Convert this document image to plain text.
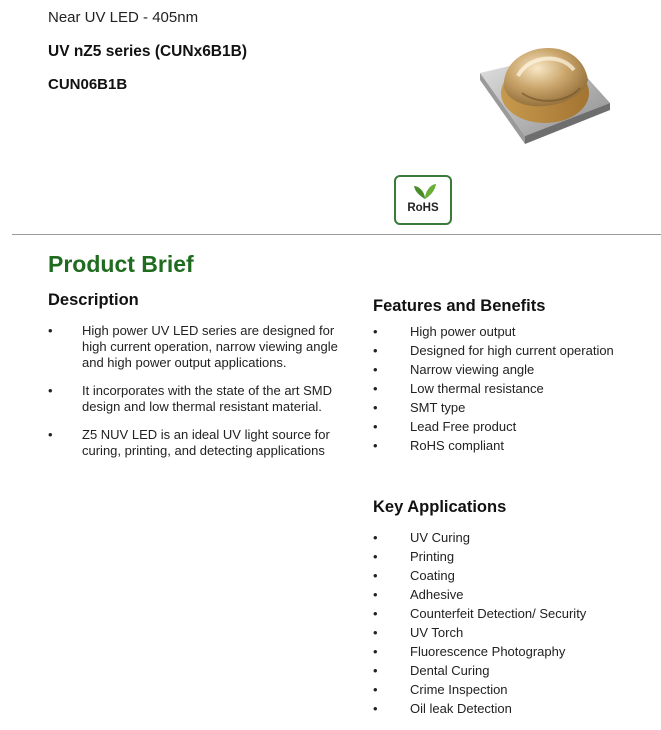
Near UV LED - 405nm
UV nZ5 series (CUNx6B1B)
CUN06B1B
RoHS
Product Brief
Description
• High power UV LED series are designed for high current operation, narrow viewing angle and high power output applications.
• It incorporates with the state of the art SMD design and low thermal resistant material.
• Z5 NUV LED is an ideal UV light source for curing, printing, and detecting applications
Features and Benefits
• High power output
• Designed for high current operation
• Narrow viewing angle
• Low thermal resistance
• SMT type
• Lead Free product
• RoHS compliant
Key Applications
• UV Curing
• Printing
• Coating
• Adhesive
• Counterfeit Detection/ Security
• UV Torch
• Fluorescence Photography
• Dental Curing
• Crime Inspection
• Oil leak Detection
